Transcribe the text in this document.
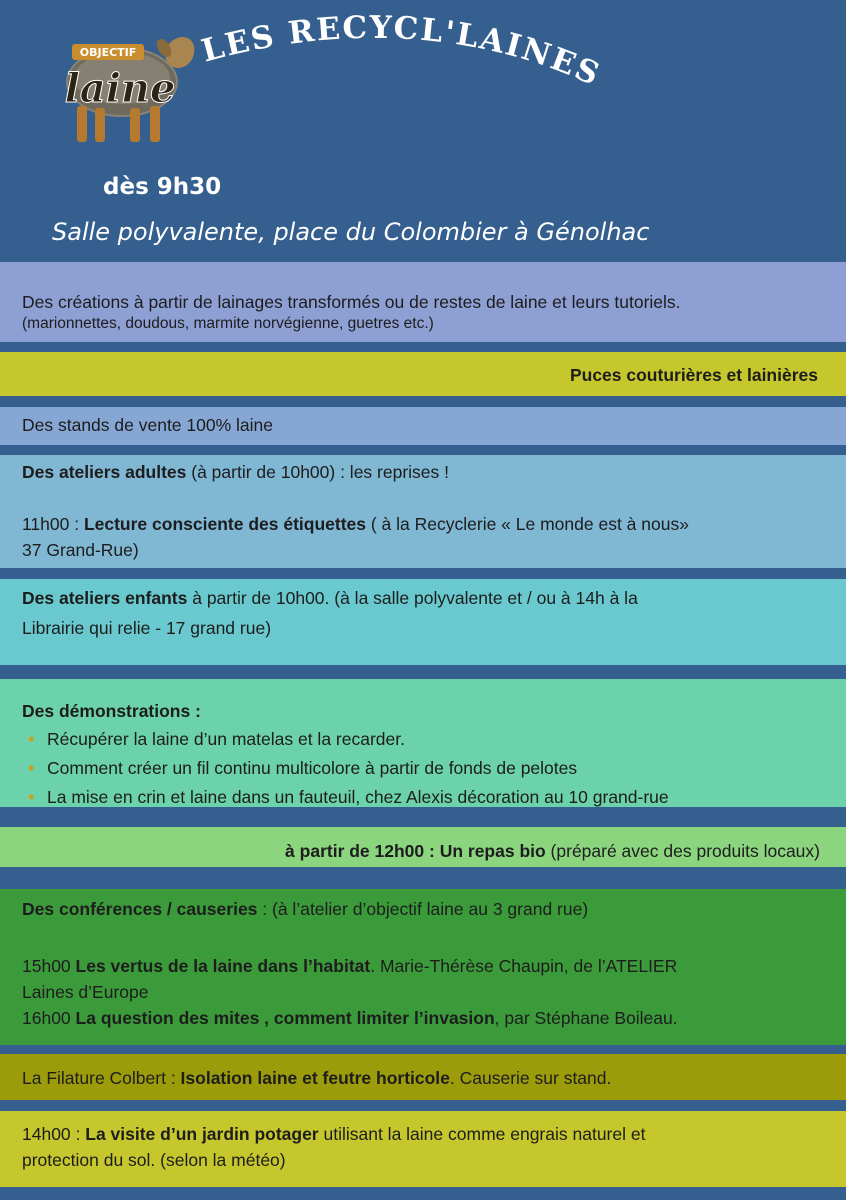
OBJECTIF
laine
LES RECYCL'LAINES
dès 9h30
Salle polyvalente, place du Colombier à Génolhac
Des créations à partir de lainages transformés ou de restes de laine et leurs tutoriels.
(marionnettes, doudous, marmite norvégienne, guetres etc.)
Puces couturières et lainières
Des stands de vente 100% laine
Des ateliers adultes (à partir de 10h00) : les reprises !
11h00 : Lecture consciente des étiquettes ( à la Recyclerie « Le monde est à nous»
37 Grand-Rue)
Des ateliers enfants à partir de 10h00. (à la salle polyvalente et / ou à 14h à la
Librairie qui relie - 17 grand rue)
Des démonstrations :
• Récupérer la laine d’un matelas et la recarder.
• Comment créer un fil continu multicolore à partir de fonds de pelotes
• La mise en crin et laine dans un fauteuil, chez Alexis décoration au 10 grand-rue
à partir de 12h00 : Un repas bio (préparé avec des produits locaux)
Des conférences / causeries : (à l’atelier d’objectif laine au 3 grand rue)
15h00 Les vertus de la laine dans l’habitat. Marie-Thérèse Chaupin, de l’ATELIER
Laines d’Europe
16h00 La question des mites , comment limiter l’invasion, par Stéphane Boileau.
La Filature Colbert : Isolation laine et feutre horticole. Causerie sur stand.
14h00 : La visite d’un jardin potager utilisant la laine comme engrais naturel et
protection du sol. (selon la météo)
